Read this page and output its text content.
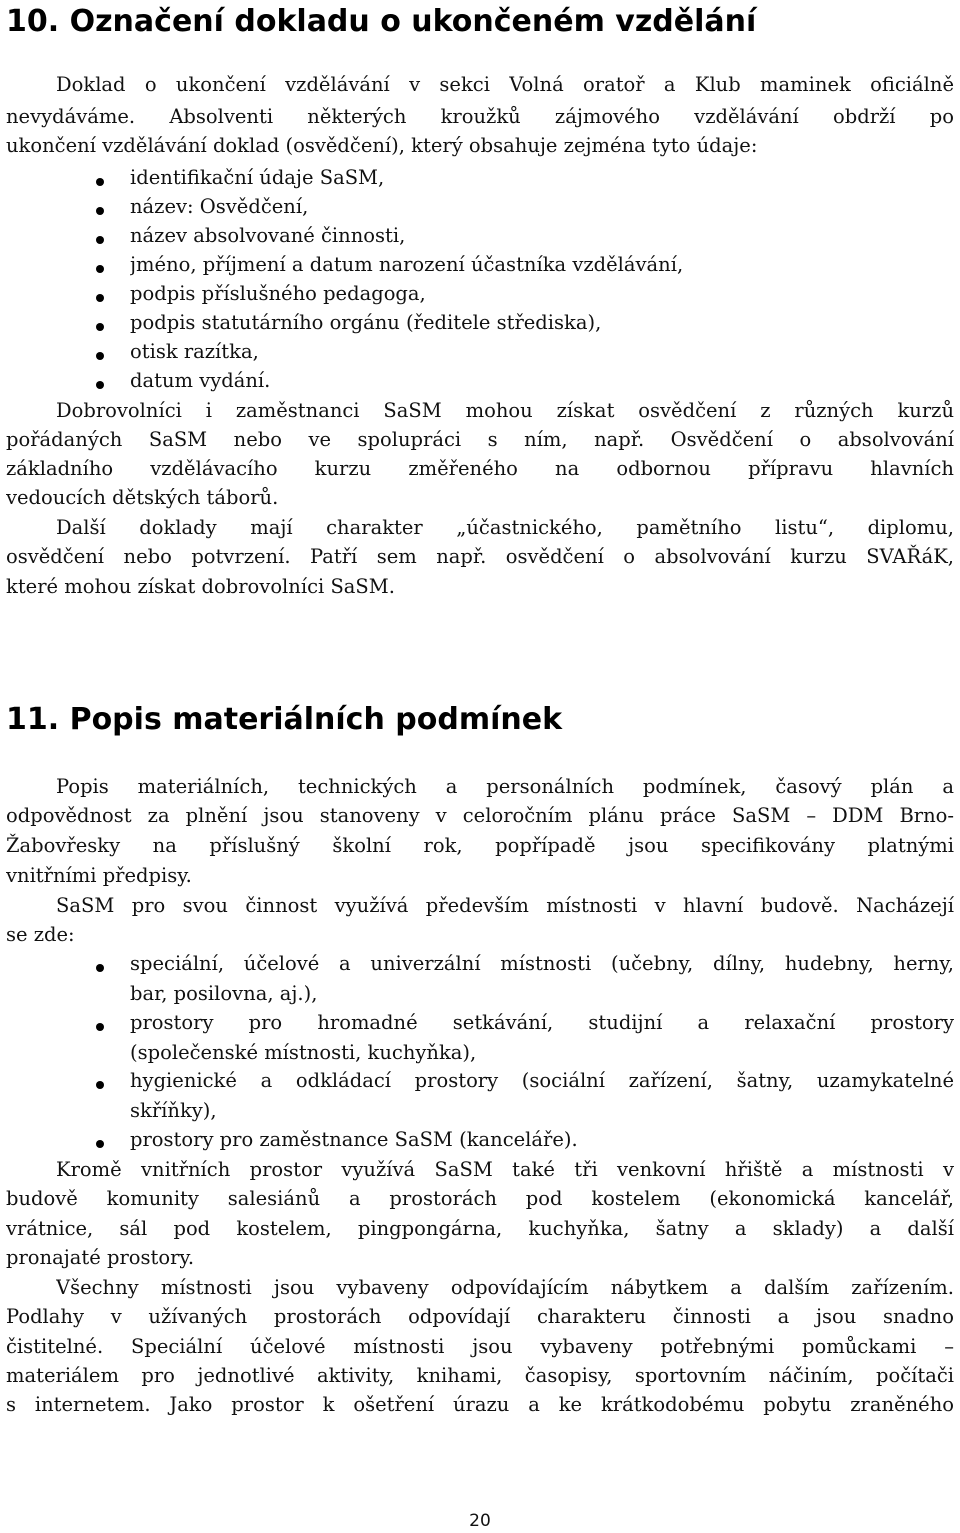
10. Označení dokladu o ukončeném vzdělání
Doklad o ukončení vzdělávání v sekci Volná oratoř a Klub maminek oficiálně
nevydáváme. Absolventi některých kroužků zájmového vzdělávání obdrží po
ukončení vzdělávání doklad (osvědčení), který obsahuje zejména tyto údaje:
identifikační údaje SaSM,
název: Osvědčení,
název absolvované činnosti,
jméno, příjmení a datum narození účastníka vzdělávání,
podpis příslušného pedagoga,
podpis statutárního orgánu (ředitele střediska),
otisk razítka,
datum vydání.
Dobrovolníci i zaměstnanci SaSM mohou získat osvědčení z různých kurzů
pořádaných SaSM nebo ve spolupráci s ním, např. Osvědčení o absolvování
základního vzdělávacího kurzu změřeného na odbornou přípravu hlavních
vedoucích dětských táborů.
Další doklady mají charakter „účastnického, pamětního listu“, diplomu,
osvědčení nebo potvrzení. Patří sem např. osvědčení o absolvování kurzu SVAŘáK,
které mohou získat dobrovolníci SaSM.
11. Popis materiálních podmínek
Popis materiálních, technických a personálních podmínek, časový plán a
odpovědnost za plnění jsou stanoveny v celoročním plánu práce SaSM – DDM Brno-
Žabovřesky na příslušný školní rok, popřípadě jsou specifikovány platnými
vnitřními předpisy.
SaSM pro svou činnost využívá především místnosti v hlavní budově. Nacházejí
se zde:
speciální, účelové a univerzální místnosti (učebny, dílny, hudebny, herny,
bar, posilovna, aj.),
prostory pro hromadné setkávání, studijní a relaxační prostory
(společenské místnosti, kuchyňka),
hygienické a odkládací prostory (sociální zařízení, šatny, uzamykatelné
skříňky),
prostory pro zaměstnance SaSM (kanceláře).
Kromě vnitřních prostor využívá SaSM také tři venkovní hřiště a místnosti v
budově komunity salesiánů a prostorách pod kostelem (ekonomická kancelář,
vrátnice, sál pod kostelem, pingpongárna, kuchyňka, šatny a sklady) a další
pronajaté prostory.
Všechny místnosti jsou vybaveny odpovídajícím nábytkem a dalším zařízením.
Podlahy v užívaných prostorách odpovídají charakteru činnosti a jsou snadno
čistitelné. Speciální účelové místnosti jsou vybaveny potřebnými pomůckami –
materiálem pro jednotlivé aktivity, knihami, časopisy, sportovním náčiním, počítači
s internetem. Jako prostor k ošetření úrazu a ke krátkodobému pobytu zraněného
20
